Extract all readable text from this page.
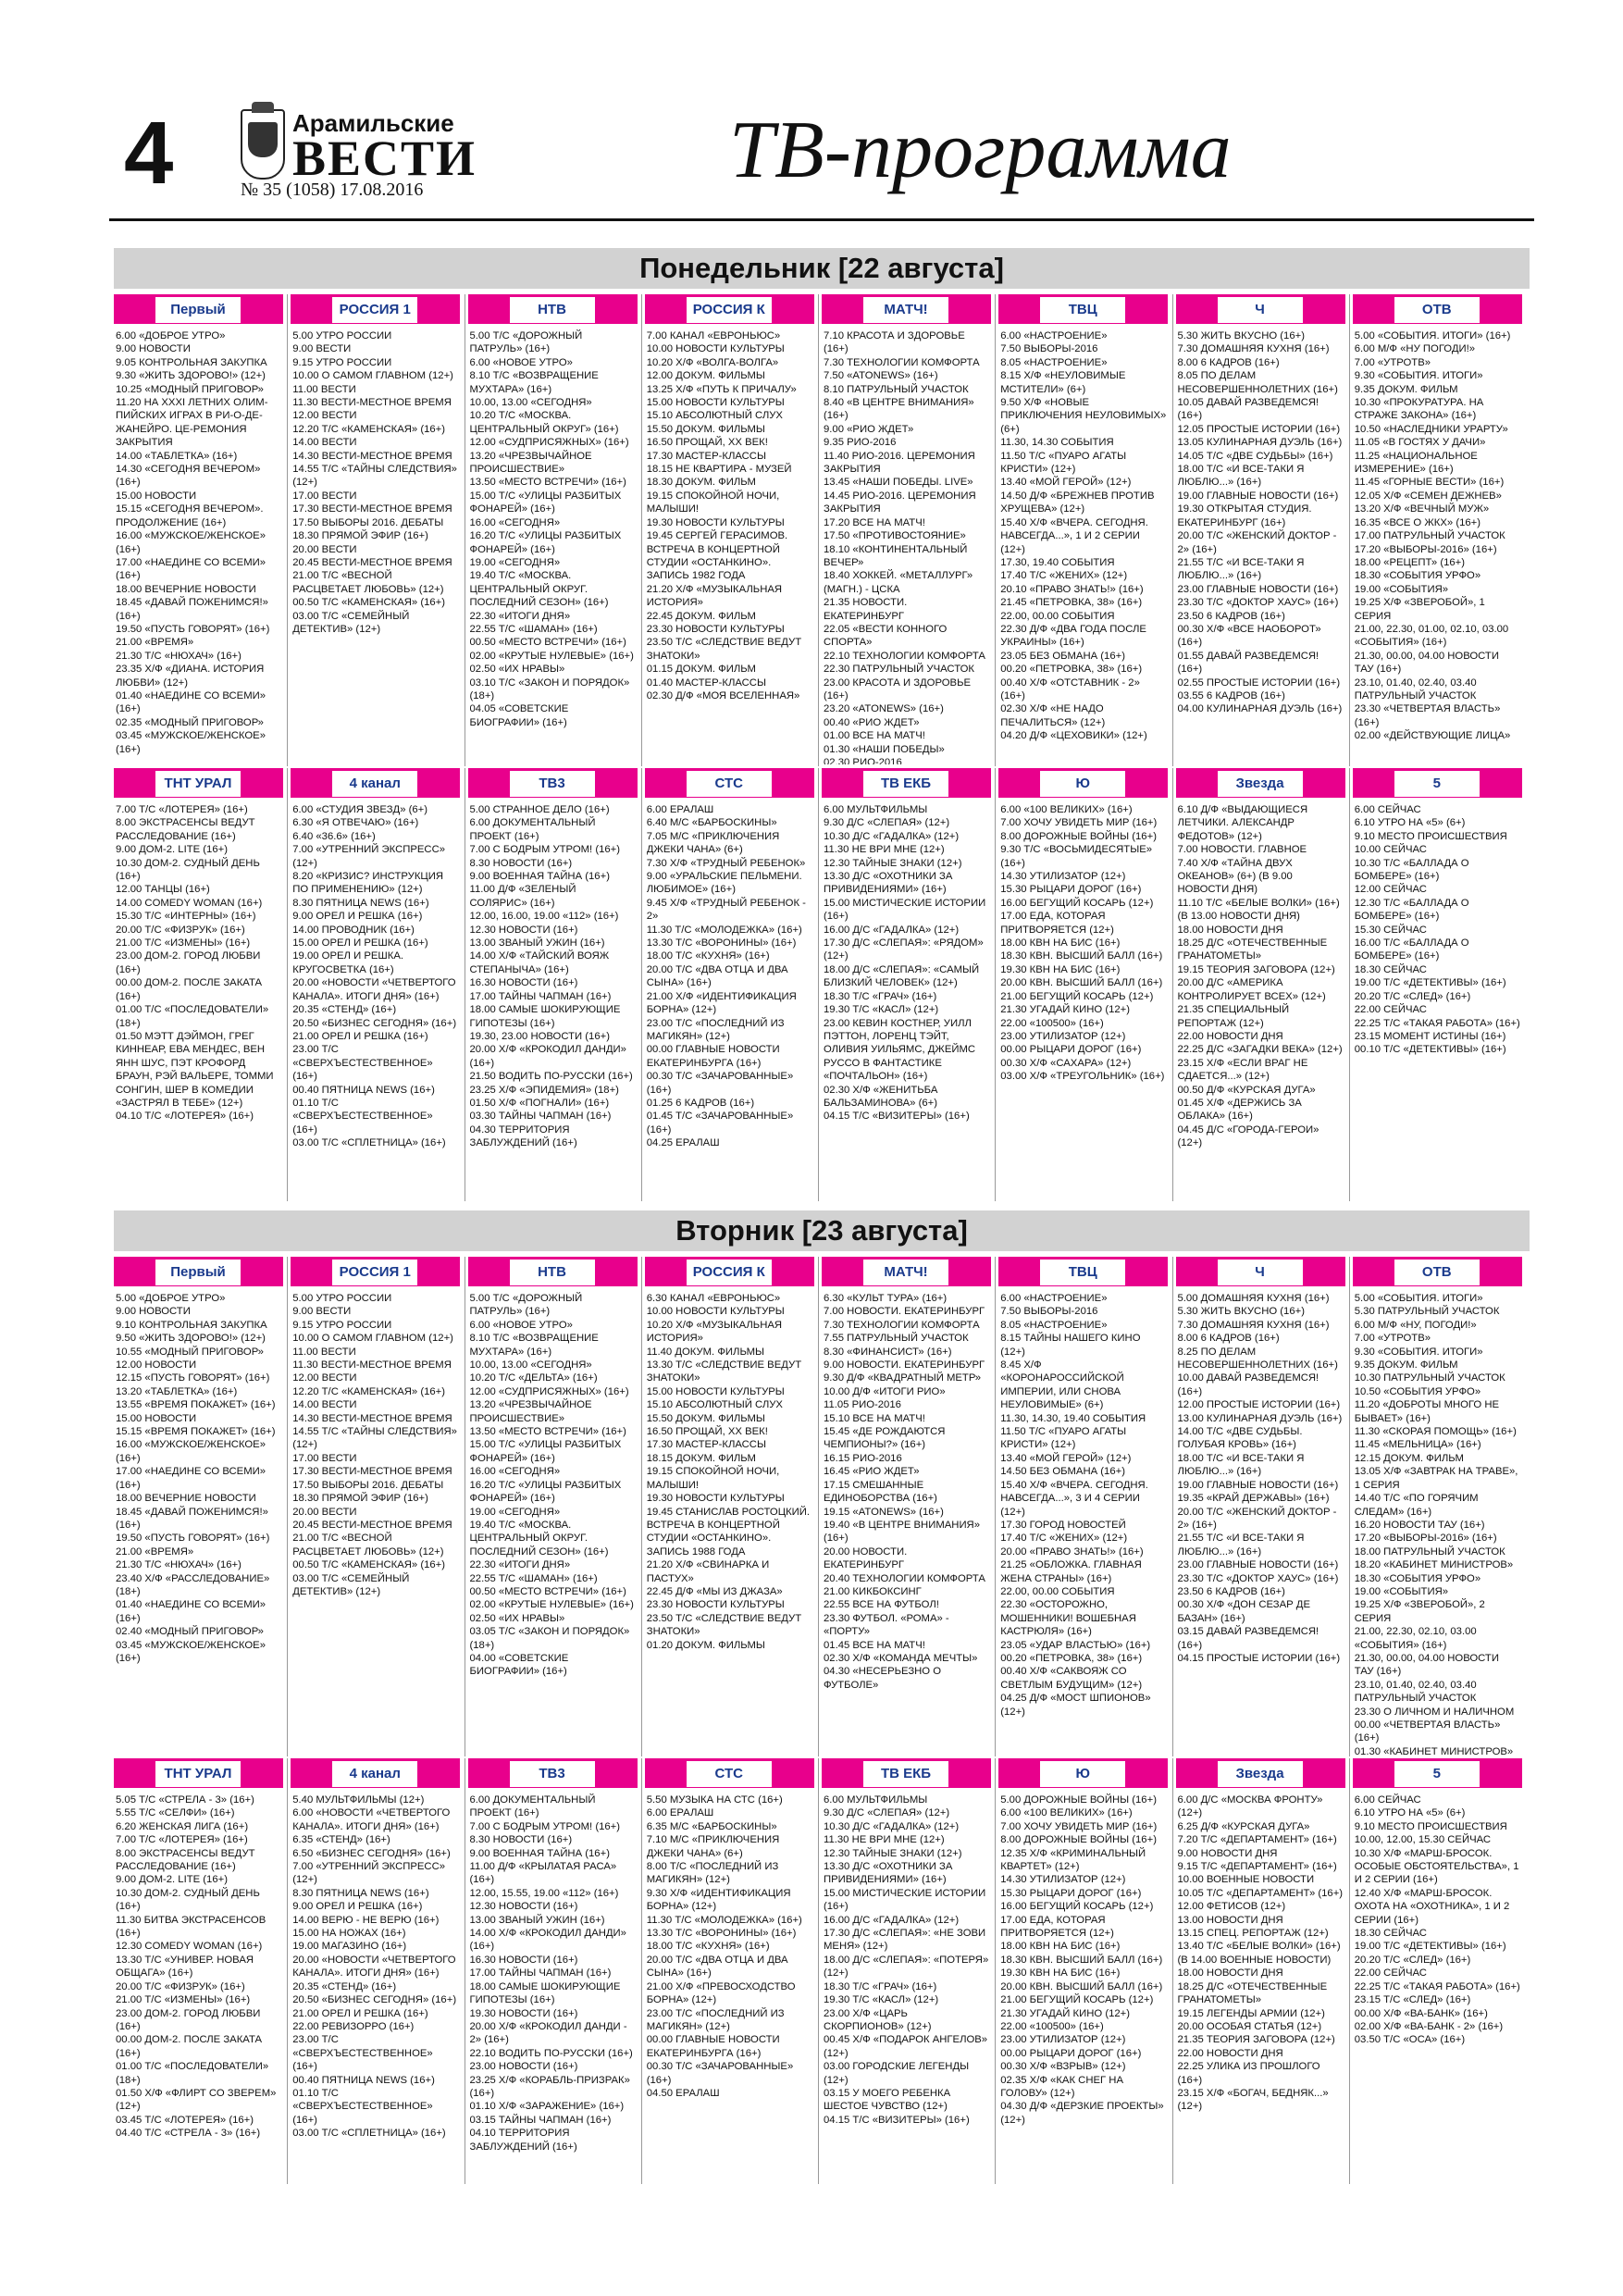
4	Арамильские
ВЕСТИ
№ 35 (1058) 17.08.2016	ТВ-программа
Понедельник [22 августа]
Первый
6.00 «ДОБРОЕ УТРО»
9.00 НОВОСТИ
9.05 КОНТРОЛЬНАЯ ЗАКУПКА
9.30 «ЖИТЬ ЗДОРОВО!» (12+)
10.25 «МОДНЫЙ ПРИГОВОР»
11.20 НА XXXI ЛЕТНИХ ОЛИМ-ПИЙСКИХ ИГРАХ В РИ-О-ДЕ-ЖАНЕЙРО. ЦЕ-РЕМОНИЯ ЗАКРЫТИЯ
14.00 «ТАБЛЕТКА» (16+)
14.30 «СЕГОДНЯ ВЕЧЕРОМ» (16+)
15.00 НОВОСТИ
15.15 «СЕГОДНЯ ВЕЧЕРОМ». ПРОДОЛЖЕНИЕ (16+)
16.00 «МУЖСКОЕ/ЖЕНСКОЕ» (16+)
17.00 «НАЕДИНЕ СО ВСЕМИ» (16+)
18.00 ВЕЧЕРНИЕ НОВОСТИ
18.45 «ДАВАЙ ПОЖЕНИМСЯ!» (16+)
19.50 «ПУСТЬ ГОВОРЯТ» (16+)
21.00 «ВРЕМЯ»
21.30 Т/С «НЮХАЧ» (16+)
23.35 Х/Ф «ДИАНА. ИСТОРИЯ ЛЮБВИ» (12+)
01.40 «НАЕДИНЕ СО ВСЕМИ» (16+)
02.35 «МОДНЫЙ ПРИГОВОР»
03.45 «МУЖСКОЕ/ЖЕНСКОЕ» (16+)
РОССИЯ 1
5.00 УТРО РОССИИ
9.00 ВЕСТИ
9.15 УТРО РОССИИ
10.00 О САМОМ ГЛАВНОМ (12+)
11.00 ВЕСТИ
11.30 ВЕСТИ-МЕСТНОЕ ВРЕМЯ
12.00 ВЕСТИ
12.20 Т/С «КАМЕНСКАЯ» (16+)
14.00 ВЕСТИ
14.30 ВЕСТИ-МЕСТНОЕ ВРЕМЯ
14.55 Т/С «ТАЙНЫ СЛЕДСТВИЯ» (12+)
17.00 ВЕСТИ
17.30 ВЕСТИ-МЕСТНОЕ ВРЕМЯ
17.50 ВЫБОРЫ 2016. ДЕБАТЫ
18.30 ПРЯМОЙ ЭФИР (16+)
20.00 ВЕСТИ
20.45 ВЕСТИ-МЕСТНОЕ ВРЕМЯ
21.00 Т/С «ВЕСНОЙ РАСЦВЕТАЕТ ЛЮБОВЬ» (12+)
00.50 Т/С «КАМЕНСКАЯ» (16+)
03.00 Т/С «СЕМЕЙНЫЙ ДЕТЕКТИВ» (12+)
НТВ
5.00 Т/С «ДОРОЖНЫЙ ПАТРУЛЬ» (16+)
6.00 «НОВОЕ УТРО»
8.10 Т/С «ВОЗВРАЩЕНИЕ МУХТАРА» (16+)
10.00, 13.00 «СЕГОДНЯ»
10.20 Т/С «МОСКВА. ЦЕНТРАЛЬНЫЙ ОКРУГ» (16+)
12.00 «СУДПРИСЯЖНЫХ» (16+)
13.20 «ЧРЕЗВЫЧАЙНОЕ ПРОИСШЕСТВИЕ»
13.50 «МЕСТО ВСТРЕЧИ» (16+)
15.00 Т/С «УЛИЦЫ РАЗБИТЫХ ФОНАРЕЙ» (16+)
16.00 «СЕГОДНЯ»
16.20 Т/С «УЛИЦЫ РАЗБИТЫХ ФОНАРЕЙ» (16+)
19.00 «СЕГОДНЯ»
19.40 Т/С «МОСКВА. ЦЕНТРАЛЬНЫЙ ОКРУГ. ПОСЛЕДНИЙ СЕЗОН» (16+)
22.30 «ИТОГИ ДНЯ»
22.55 Т/С «ШАМАН» (16+)
00.50 «МЕСТО ВСТРЕЧИ» (16+)
02.00 «КРУТЫЕ НУЛЕВЫЕ» (16+)
02.50 «ИХ НРАВЫ»
03.10 Т/С «ЗАКОН И ПОРЯДОК» (18+)
04.05 «СОВЕТСКИЕ БИОГРАФИИ» (16+)
РОССИЯ К
7.00 КАНАЛ «ЕВРОНЬЮС»
10.00 НОВОСТИ КУЛЬТУРЫ
10.20 Х/Ф «ВОЛГА-ВОЛГА»
12.00 ДОКУМ. ФИЛЬМЫ
13.25 Х/Ф «ПУТЬ К ПРИЧАЛУ»
15.00 НОВОСТИ КУЛЬТУРЫ
15.10 АБСОЛЮТНЫЙ СЛУХ
15.50 ДОКУМ. ФИЛЬМЫ
16.50 ПРОЩАЙ, XX ВЕК!
17.30 МАСТЕР-КЛАССЫ
18.15 НЕ КВАРТИРА - МУЗЕЙ
18.30 ДОКУМ. ФИЛЬМ
19.15 СПОКОЙНОЙ НОЧИ, МАЛЫШИ!
19.30 НОВОСТИ КУЛЬТУРЫ
19.45 СЕРГЕЙ ГЕРАСИМОВ. ВСТРЕЧА В КОНЦЕРТНОЙ СТУДИИ «ОСТАНКИНО». ЗАПИСЬ 1982 ГОДА
21.20 Х/Ф «МУЗЫКАЛЬНАЯ ИСТОРИЯ»
22.45 ДОКУМ. ФИЛЬМ
23.30 НОВОСТИ КУЛЬТУРЫ
23.50 Т/С «СЛЕДСТВИЕ ВЕДУТ ЗНАТОКИ»
01.15 ДОКУМ. ФИЛЬМ
01.40 МАСТЕР-КЛАССЫ
02.30 Д/Ф «МОЯ ВСЕЛЕННАЯ»
МАТЧ!
7.10 КРАСОТА И ЗДОРОВЬЕ (16+)
7.30 ТЕХНОЛОГИИ КОМФОРТА
7.50 «ATONEWS» (16+)
8.10 ПАТРУЛЬНЫЙ УЧАСТОК
8.40 «В ЦЕНТРЕ ВНИМАНИЯ» (16+)
9.00 «РИО ЖДЕТ»
9.35 РИО-2016
11.40 РИО-2016. ЦЕРЕМОНИЯ ЗАКРЫТИЯ
13.45 «НАШИ ПОБЕДЫ. LIVE»
14.45 РИО-2016. ЦЕРЕМОНИЯ ЗАКРЫТИЯ
17.20 ВСЕ НА МАТЧ!
17.50 «ПРОТИВОСТОЯНИЕ»
18.10 «КОНТИНЕНТАЛЬНЫЙ ВЕЧЕР»
18.40 ХОККЕЙ. «МЕТАЛЛУРГ» (МАГН.) - ЦСКА
21.35 НОВОСТИ. ЕКАТЕРИНБУРГ
22.05 «ВЕСТИ КОННОГО СПОРТА»
22.10 ТЕХНОЛОГИИ КОМФОРТА
22.30 ПАТРУЛЬНЫЙ УЧАСТОК
23.00 КРАСОТА И ЗДОРОВЬЕ (16+)
23.20 «ATONEWS» (16+)
00.40 «РИО ЖДЕТ»
01.00 ВСЕ НА МАТЧ!
01.30 «НАШИ ПОБЕДЫ»
02.30 РИО-2016
ТВЦ
6.00 «НАСТРОЕНИЕ»
7.50 ВЫБОРЫ-2016
8.05 «НАСТРОЕНИЕ»
8.15 Х/Ф «НЕУЛОВИМЫЕ МСТИТЕЛИ» (6+)
9.50 Х/Ф «НОВЫЕ ПРИКЛЮЧЕНИЯ НЕУЛОВИМЫХ» (6+)
11.30, 14.30 СОБЫТИЯ
11.50 Т/С «ПУАРО АГАТЫ КРИСТИ» (12+)
13.40 «МОЙ ГЕРОЙ» (12+)
14.50 Д/Ф «БРЕЖНЕВ ПРОТИВ ХРУЩЕВА» (12+)
15.40 Х/Ф «ВЧЕРА. СЕГОДНЯ. НАВСЕГДА...», 1 И 2 СЕРИИ (12+)
17.30, 19.40 СОБЫТИЯ
17.40 Т/С «ЖЕНИХ» (12+)
20.10 «ПРАВО ЗНАТЬ!» (16+)
21.45 «ПЕТРОВКА, 38» (16+)
22.00, 00.00 СОБЫТИЯ
22.30 Д/Ф «ДВА ГОДА ПОСЛЕ УКРАИНЫ» (16+)
23.05 БЕЗ ОБМАНА (16+)
00.20 «ПЕТРОВКА, 38» (16+)
00.40 Х/Ф «ОТСТАВНИК - 2» (16+)
02.30 Х/Ф «НЕ НАДО ПЕЧАЛИТЬСЯ» (12+)
04.20 Д/Ф «ЦЕХОВИКИ» (12+)
Ч
5.30 ЖИТЬ ВКУСНО (16+)
7.30 ДОМАШНЯЯ КУХНЯ (16+)
8.00 6 КАДРОВ (16+)
8.05 ПО ДЕЛАМ НЕСОВЕРШЕННОЛЕТНИХ (16+)
10.05 ДАВАЙ РАЗВЕДЕМСЯ! (16+)
12.05 ПРОСТЫЕ ИСТОРИИ (16+)
13.05 КУЛИНАРНАЯ ДУЭЛЬ (16+)
14.05 Т/С «ДВЕ СУДЬБЫ» (16+)
18.00 Т/С «И ВСЕ-ТАКИ Я ЛЮБЛЮ...» (16+)
19.00 ГЛАВНЫЕ НОВОСТИ (16+)
19.30 ОТКРЫТАЯ СТУДИЯ. ЕКАТЕРИНБУРГ (16+)
20.00 Т/С «ЖЕНСКИЙ ДОКТОР - 2» (16+)
21.55 Т/С «И ВСЕ-ТАКИ Я ЛЮБЛЮ...» (16+)
23.00 ГЛАВНЫЕ НОВОСТИ (16+)
23.30 Т/С «ДОКТОР ХАУС» (16+)
23.50 6 КАДРОВ (16+)
00.30 Х/Ф «ВСЕ НАОБОРОТ» (16+)
01.55 ДАВАЙ РАЗВЕДЕМСЯ! (16+)
02.55 ПРОСТЫЕ ИСТОРИИ (16+)
03.55 6 КАДРОВ (16+)
04.00 КУЛИНАРНАЯ ДУЭЛЬ (16+)
ОТВ
5.00 «СОБЫТИЯ. ИТОГИ» (16+)
6.00 М/Ф «НУ ПОГОДИ!»
7.00 «УТРОТВ»
9.30 «СОБЫТИЯ. ИТОГИ»
9.35 ДОКУМ. ФИЛЬМ
10.30 «ПРОКУРАТУРА. НА СТРАЖЕ ЗАКОНА» (16+)
10.50 «НАСЛЕДНИКИ УРАРТУ»
11.05 «В ГОСТЯХ У ДАЧИ»
11.25 «НАЦИОНАЛЬНОЕ ИЗМЕРЕНИЕ» (16+)
11.45 «ГОРНЫЕ ВЕСТИ» (16+)
12.05 Х/Ф «СЕМЕН ДЕЖНЕВ»
13.20 Х/Ф «ВЕЧНЫЙ МУЖ»
16.35 «ВСЕ О ЖКХ» (16+)
17.00 ПАТРУЛЬНЫЙ УЧАСТОК
17.20 «ВЫБОРЫ-2016» (16+)
18.00 «РЕЦЕПТ» (16+)
18.30 «СОБЫТИЯ УРФО»
19.00 «СОБЫТИЯ»
19.25 Х/Ф «ЗВЕРОБОЙ», 1 СЕРИЯ
21.00, 22.30, 01.00, 02.10, 03.00 «СОБЫТИЯ» (16+)
21.30, 00.00, 04.00 НОВОСТИ ТАУ (16+)
23.10, 01.40, 02.40, 03.40 ПАТРУЛЬНЫЙ УЧАСТОК
23.30 «ЧЕТВЕРТАЯ ВЛАСТЬ» (16+)
02.00 «ДЕЙСТВУЮЩИЕ ЛИЦА»
ТНТ УРАЛ
7.00 Т/С «ЛОТЕРЕЯ» (16+)
8.00 ЭКСТРАСЕНСЫ ВЕДУТ РАССЛЕДОВАНИЕ (16+)
9.00 ДОМ-2. LITE (16+)
10.30 ДОМ-2. СУДНЫЙ ДЕНЬ (16+)
12.00 ТАНЦЫ (16+)
14.00 COMEDY WOMAN (16+)
15.30 Т/С «ИНТЕРНЫ» (16+)
20.00 Т/С «ФИЗРУК» (16+)
21.00 Т/С «ИЗМЕНЫ» (16+)
23.00 ДОМ-2. ГОРОД ЛЮБВИ (16+)
00.00 ДОМ-2. ПОСЛЕ ЗАКАТА (16+)
01.00 Т/С «ПОСЛЕДОВАТЕЛИ» (18+)
01.50 МЭТТ ДЭЙМОН, ГРЕГ КИННЕАР, ЕВА МЕНДЕС, ВЕН ЯНН ШУС, ПЭТ КРОФОРД БРАУН, РЭЙ ВАЛЬЕРЕ, ТОММИ СОНГИН, ШЕР В КОМЕДИИ «ЗАСТРЯЛ В ТЕБЕ» (12+)
04.10 Т/С «ЛОТЕРЕЯ» (16+)
4 канал
6.00 «СТУДИЯ ЗВЕЗД» (6+)
6.30 «Я ОТВЕЧАЮ» (16+)
6.40 «36.6» (16+)
7.00 «УТРЕННИЙ ЭКСПРЕСС» (12+)
8.20 «КРИЗИС? ИНСТРУКЦИЯ ПО ПРИМЕНЕНИЮ» (12+)
8.30 ПЯТНИЦА NEWS (16+)
9.00 ОРЕЛ И РЕШКА (16+)
14.00 ПРОВОДНИК (16+)
15.00 ОРЕЛ И РЕШКА (16+)
19.00 ОРЕЛ И РЕШКА. КРУГОСВЕТКА (16+)
20.00 «НОВОСТИ «ЧЕТВЕРТОГО КАНАЛА». ИТОГИ ДНЯ» (16+)
20.35 «СТЕНД» (16+)
20.50 «БИЗНЕС СЕГОДНЯ» (16+)
21.00 ОРЕЛ И РЕШКА (16+)
23.00 Т/С «СВЕРХЪЕСТЕСТВЕННОЕ» (16+)
00.40 ПЯТНИЦА NEWS (16+)
01.10 Т/С «СВЕРХЪЕСТЕСТВЕННОЕ» (16+)
03.00 Т/С «СПЛЕТНИЦА» (16+)
ТВ3
5.00 СТРАННОЕ ДЕЛО (16+)
6.00 ДОКУМЕНТАЛЬНЫЙ ПРОЕКТ (16+)
7.00 С БОДРЫМ УТРОМ! (16+)
8.30 НОВОСТИ (16+)
9.00 ВОЕННАЯ ТАЙНА (16+)
11.00 Д/Ф «ЗЕЛЕНЫЙ СОЛЯРИС» (16+)
12.00, 16.00, 19.00 «112» (16+)
12.30 НОВОСТИ (16+)
13.00 ЗВАНЫЙ УЖИН (16+)
14.00 Х/Ф «ТАЙСКИЙ ВОЯЖ СТЕПАНЫЧА» (16+)
16.30 НОВОСТИ (16+)
17.00 ТАЙНЫ ЧАПМАН (16+)
18.00 САМЫЕ ШОКИРУЮЩИЕ ГИПОТЕЗЫ (16+)
19.30, 23.00 НОВОСТИ (16+)
20.00 Х/Ф «КРОКОДИЛ ДАНДИ» (16+)
21.50 ВОДИТЬ ПО-РУССКИ (16+)
23.25 Х/Ф «ЭПИДЕМИЯ» (18+)
01.50 Х/Ф «ПОГНАЛИ» (16+)
03.30 ТАЙНЫ ЧАПМАН (16+)
04.30 ТЕРРИТОРИЯ ЗАБЛУЖДЕНИЙ (16+)
СТС
6.00 ЕРАЛАШ
6.40 М/С «БАРБОСКИНЫ»
7.05 М/С «ПРИКЛЮЧЕНИЯ ДЖЕКИ ЧАНА» (6+)
7.30 Х/Ф «ТРУДНЫЙ РЕБЕНОК»
9.00 «УРАЛЬСКИЕ ПЕЛЬМЕНИ. ЛЮБИМОЕ» (16+)
9.45 Х/Ф «ТРУДНЫЙ РЕБЕНОК - 2»
11.30 Т/С «МОЛОДЕЖКА» (16+)
13.30 Т/С «ВОРОНИНЫ» (16+)
18.00 Т/С «КУХНЯ» (16+)
20.00 Т/С «ДВА ОТЦА И ДВА СЫНА» (16+)
21.00 Х/Ф «ИДЕНТИФИКАЦИЯ БОРНА» (12+)
23.00 Т/С «ПОСЛЕДНИЙ ИЗ МАГИКЯН» (12+)
00.00 ГЛАВНЫЕ НОВОСТИ ЕКАТЕРИНБУРГА (16+)
00.30 Т/С «ЗАЧАРОВАННЫЕ» (16+)
01.25 6 КАДРОВ (16+)
01.45 Т/С «ЗАЧАРОВАННЫЕ» (16+)
04.25 ЕРАЛАШ
ТВ ЕКБ
6.00 МУЛЬТФИЛЬМЫ
9.30 Д/С «СЛЕПАЯ» (12+)
10.30 Д/С «ГАДАЛКА» (12+)
11.30 НЕ ВРИ МНЕ (12+)
12.30 ТАЙНЫЕ ЗНАКИ (12+)
13.30 Д/С «ОХОТНИКИ ЗА ПРИВИДЕНИЯМИ» (16+)
15.00 МИСТИЧЕСКИЕ ИСТОРИИ (16+)
16.00 Д/С «ГАДАЛКА» (12+)
17.30 Д/С «СЛЕПАЯ»: «РЯДОМ» (12+)
18.00 Д/С «СЛЕПАЯ»: «САМЫЙ БЛИЗКИЙ ЧЕЛОВЕК» (12+)
18.30 Т/С «ГРАЧ» (16+)
19.30 Т/С «КАСЛ» (12+)
23.00 КЕВИН КОСТНЕР, УИЛЛ ПЭТТОН, ЛОРЕНЦ ТЭЙТ, ОЛИВИЯ УИЛЬЯМС, ДЖЕЙМС РУССО В ФАНТАСТИКЕ «ПОЧТАЛЬОН» (16+)
02.30 Х/Ф «ЖЕНИТЬБА БАЛЬЗАМИНОВА» (6+)
04.15 Т/С «ВИЗИТЕРЫ» (16+)
Ю
6.00 «100 ВЕЛИКИХ» (16+)
7.00 ХОЧУ УВИДЕТЬ МИР (16+)
8.00 ДОРОЖНЫЕ ВОЙНЫ (16+)
9.30 Т/С «ВОСЬМИДЕСЯТЫЕ» (16+)
14.30 УТИЛИЗАТОР (12+)
15.30 РЫЦАРИ ДОРОГ (16+)
16.00 БЕГУЩИЙ КОСАРЬ (12+)
17.00 ЕДА, КОТОРАЯ ПРИТВОРЯЕТСЯ (12+)
18.00 КВН НА БИС (16+)
18.30 КВН. ВЫСШИЙ БАЛЛ (16+)
19.30 КВН НА БИС (16+)
20.00 КВН. ВЫСШИЙ БАЛЛ (16+)
21.00 БЕГУЩИЙ КОСАРЬ (12+)
21.30 УГАДАЙ КИНО (12+)
22.00 «100500» (16+)
23.00 УТИЛИЗАТОР (12+)
00.00 РЫЦАРИ ДОРОГ (16+)
00.30 Х/Ф «САХАРА» (12+)
03.00 Х/Ф «ТРЕУГОЛЬНИК» (16+)
Звезда
6.10 Д/Ф «ВЫДАЮЩИЕСЯ ЛЕТЧИКИ. АЛЕКСАНДР ФЕДОТОВ» (12+)
7.00 НОВОСТИ. ГЛАВНОЕ
7.40 Х/Ф «ТАЙНА ДВУХ ОКЕАНОВ» (6+) (В 9.00 НОВОСТИ ДНЯ)
11.10 Т/С «БЕЛЫЕ ВОЛКИ» (16+) (В 13.00 НОВОСТИ ДНЯ)
18.00 НОВОСТИ ДНЯ
18.25 Д/С «ОТЕЧЕСТВЕННЫЕ ГРАНАТОМЕТЫ»
19.15 ТЕОРИЯ ЗАГОВОРА (12+)
20.00 Д/С «АМЕРИКА КОНТРОЛИРУЕТ ВСЕХ» (12+)
21.35 СПЕЦИАЛЬНЫЙ РЕПОРТАЖ (12+)
22.00 НОВОСТИ ДНЯ
22.25 Д/С «ЗАГАДКИ ВЕКА» (12+)
23.15 Х/Ф «ЕСЛИ ВРАГ НЕ СДАЕТСЯ...» (12+)
00.50 Д/Ф «КУРСКАЯ ДУГА»
01.45 Х/Ф «ДЕРЖИСЬ ЗА ОБЛАКА» (16+)
04.45 Д/С «ГОРОДА-ГЕРОИ» (12+)
5
6.00 СЕЙЧАС
6.10 УТРО НА «5» (6+)
9.10 МЕСТО ПРОИСШЕСТВИЯ
10.00 СЕЙЧАС
10.30 Т/С «БАЛЛАДА О БОМБЕРЕ» (16+)
12.00 СЕЙЧАС
12.30 Т/С «БАЛЛАДА О БОМБЕРЕ» (16+)
15.30 СЕЙЧАС
16.00 Т/С «БАЛЛАДА О БОМБЕРЕ» (16+)
18.30 СЕЙЧАС
19.00 Т/С «ДЕТЕКТИВЫ» (16+)
20.20 Т/С «СЛЕД» (16+)
22.00 СЕЙЧАС
22.25 Т/С «ТАКАЯ РАБОТА» (16+)
23.15 МОМЕНТ ИСТИНЫ (16+)
00.10 Т/С «ДЕТЕКТИВЫ» (16+)
Вторник [23 августа]
Первый
5.00 «ДОБРОЕ УТРО»
9.00 НОВОСТИ
9.10 КОНТРОЛЬНАЯ ЗАКУПКА
9.50 «ЖИТЬ ЗДОРОВО!» (12+)
10.55 «МОДНЫЙ ПРИГОВОР»
12.00 НОВОСТИ
12.15 «ПУСТЬ ГОВОРЯТ» (16+)
13.20 «ТАБЛЕТКА» (16+)
13.55 «ВРЕМЯ ПОКАЖЕТ» (16+)
15.00 НОВОСТИ
15.15 «ВРЕМЯ ПОКАЖЕТ» (16+)
16.00 «МУЖСКОЕ/ЖЕНСКОЕ» (16+)
17.00 «НАЕДИНЕ СО ВСЕМИ» (16+)
18.00 ВЕЧЕРНИЕ НОВОСТИ
18.45 «ДАВАЙ ПОЖЕНИМСЯ!» (16+)
19.50 «ПУСТЬ ГОВОРЯТ» (16+)
21.00 «ВРЕМЯ»
21.30 Т/С «НЮХАЧ» (16+)
23.40 Х/Ф «РАССЛЕДОВАНИЕ» (18+)
01.40 «НАЕДИНЕ СО ВСЕМИ» (16+)
02.40 «МОДНЫЙ ПРИГОВОР»
03.45 «МУЖСКОЕ/ЖЕНСКОЕ» (16+)
РОССИЯ 1
5.00 УТРО РОССИИ
9.00 ВЕСТИ
9.15 УТРО РОССИИ
10.00 О САМОМ ГЛАВНОМ (12+)
11.00 ВЕСТИ
11.30 ВЕСТИ-МЕСТНОЕ ВРЕМЯ
12.00 ВЕСТИ
12.20 Т/С «КАМЕНСКАЯ» (16+)
14.00 ВЕСТИ
14.30 ВЕСТИ-МЕСТНОЕ ВРЕМЯ
14.55 Т/С «ТАЙНЫ СЛЕДСТВИЯ» (12+)
17.00 ВЕСТИ
17.30 ВЕСТИ-МЕСТНОЕ ВРЕМЯ
17.50 ВЫБОРЫ 2016. ДЕБАТЫ
18.30 ПРЯМОЙ ЭФИР (16+)
20.00 ВЕСТИ
20.45 ВЕСТИ-МЕСТНОЕ ВРЕМЯ
21.00 Т/С «ВЕСНОЙ РАСЦВЕТАЕТ ЛЮБОВЬ» (12+)
00.50 Т/С «КАМЕНСКАЯ» (16+)
03.00 Т/С «СЕМЕЙНЫЙ ДЕТЕКТИВ» (12+)
НТВ
5.00 Т/С «ДОРОЖНЫЙ ПАТРУЛЬ» (16+)
6.00 «НОВОЕ УТРО»
8.10 Т/С «ВОЗВРАЩЕНИЕ МУХТАРА» (16+)
10.00, 13.00 «СЕГОДНЯ»
10.20 Т/С «ДЕЛЬТА» (16+)
12.00 «СУДПРИСЯЖНЫХ» (16+)
13.20 «ЧРЕЗВЫЧАЙНОЕ ПРОИСШЕСТВИЕ»
13.50 «МЕСТО ВСТРЕЧИ» (16+)
15.00 Т/С «УЛИЦЫ РАЗБИТЫХ ФОНАРЕЙ» (16+)
16.00 «СЕГОДНЯ»
16.20 Т/С «УЛИЦЫ РАЗБИТЫХ ФОНАРЕЙ» (16+)
19.00 «СЕГОДНЯ»
19.40 Т/С «МОСКВА. ЦЕНТРАЛЬНЫЙ ОКРУГ. ПОСЛЕДНИЙ СЕЗОН» (16+)
22.30 «ИТОГИ ДНЯ»
22.55 Т/С «ШАМАН» (16+)
00.50 «МЕСТО ВСТРЕЧИ» (16+)
02.00 «КРУТЫЕ НУЛЕВЫЕ» (16+)
02.50 «ИХ НРАВЫ»
03.05 Т/С «ЗАКОН И ПОРЯДОК» (18+)
04.00 «СОВЕТСКИЕ БИОГРАФИИ» (16+)
РОССИЯ К
6.30 КАНАЛ «ЕВРОНЬЮС»
10.00 НОВОСТИ КУЛЬТУРЫ
10.20 Х/Ф «МУЗЫКАЛЬНАЯ ИСТОРИЯ»
11.40 ДОКУМ. ФИЛЬМЫ
13.30 Т/С «СЛЕДСТВИЕ ВЕДУТ ЗНАТОКИ»
15.00 НОВОСТИ КУЛЬТУРЫ
15.10 АБСОЛЮТНЫЙ СЛУХ
15.50 ДОКУМ. ФИЛЬМЫ
16.50 ПРОЩАЙ, XX ВЕК!
17.30 МАСТЕР-КЛАССЫ
18.15 ДОКУМ. ФИЛЬМ
19.15 СПОКОЙНОЙ НОЧИ, МАЛЫШИ!
19.30 НОВОСТИ КУЛЬТУРЫ
19.45 СТАНИСЛАВ РОСТОЦКИЙ. ВСТРЕЧА В КОНЦЕРТНОЙ СТУДИИ «ОСТАНКИНО». ЗАПИСЬ 1988 ГОДА
21.20 Х/Ф «СВИНАРКА И ПАСТУХ»
22.45 Д/Ф «МЫ ИЗ ДЖАЗА»
23.30 НОВОСТИ КУЛЬТУРЫ
23.50 Т/С «СЛЕДСТВИЕ ВЕДУТ ЗНАТОКИ»
01.20 ДОКУМ. ФИЛЬМЫ
МАТЧ!
6.30 «КУЛЬТ ТУРА» (16+)
7.00 НОВОСТИ. ЕКАТЕРИНБУРГ
7.30 ТЕХНОЛОГИИ КОМФОРТА
7.55 ПАТРУЛЬНЫЙ УЧАСТОК
8.30 «ФИНАНСИСТ» (16+)
9.00 НОВОСТИ. ЕКАТЕРИНБУРГ
9.30 Д/Ф «КВАДРАТНЫЙ МЕТР»
10.00 Д/Ф «ИТОГИ РИО»
11.05 РИО-2016
15.10 ВСЕ НА МАТЧ!
15.45 «ДЕ РОЖДАЮТСЯ ЧЕМПИОНЫ?» (16+)
16.15 РИО-2016
16.45 «РИО ЖДЕТ»
17.15 СМЕШАННЫЕ ЕДИНОБОРСТВА (16+)
19.15 «ATONEWS» (16+)
19.40 «В ЦЕНТРЕ ВНИМАНИЯ» (16+)
20.00 НОВОСТИ. ЕКАТЕРИНБУРГ
20.40 ТЕХНОЛОГИИ КОМФОРТА
21.00 КИКБОКСИНГ
22.55 ВСЕ НА ФУТБОЛ!
23.30 ФУТБОЛ. «РОМА» - «ПОРТУ»
01.45 ВСЕ НА МАТЧ!
02.30 Х/Ф «КОМАНДА МЕЧТЫ»
04.30 «НЕСЕРЬЕЗНО О ФУТБОЛЕ»
ТВЦ
6.00 «НАСТРОЕНИЕ»
7.50 ВЫБОРЫ-2016
8.05 «НАСТРОЕНИЕ»
8.15 ТАЙНЫ НАШЕГО КИНО (12+)
8.45 Х/Ф «КОРОНАРОССИЙСКОЙ ИМПЕРИИ, ИЛИ СНОВА НЕУЛОВИМЫЕ» (6+)
11.30, 14.30, 19.40 СОБЫТИЯ
11.50 Т/С «ПУАРО АГАТЫ КРИСТИ» (12+)
13.40 «МОЙ ГЕРОЙ» (12+)
14.50 БЕЗ ОБМАНА (16+)
15.40 Х/Ф «ВЧЕРА. СЕГОДНЯ. НАВСЕГДА...», 3 И 4 СЕРИИ (12+)
17.30 ГОРОД НОВОСТЕЙ
17.40 Т/С «ЖЕНИХ» (12+)
20.00 «ПРАВО ЗНАТЬ!» (16+)
21.25 «ОБЛОЖКА. ГЛАВНАЯ ЖЕНА СТРАНЫ» (16+)
22.00, 00.00 СОБЫТИЯ
22.30 «ОСТОРОЖНО, МОШЕННИКИ! ВОШЕБНАЯ КАСТРЮЛЯ» (16+)
23.05 «УДАР ВЛАСТЬЮ» (16+)
00.20 «ПЕТРОВКА, 38» (16+)
00.40 Х/Ф «САКВОЯЖ СО СВЕТЛЫМ БУДУЩИМ» (12+)
04.25 Д/Ф «МОСТ ШПИОНОВ» (12+)
Ч
5.00 ДОМАШНЯЯ КУХНЯ (16+)
5.30 ЖИТЬ ВКУСНО (16+)
7.30 ДОМАШНЯЯ КУХНЯ (16+)
8.00 6 КАДРОВ (16+)
8.25 ПО ДЕЛАМ НЕСОВЕРШЕННОЛЕТНИХ (16+)
10.00 ДАВАЙ РАЗВЕДЕМСЯ! (16+)
12.00 ПРОСТЫЕ ИСТОРИИ (16+)
13.00 КУЛИНАРНАЯ ДУЭЛЬ (16+)
14.00 Т/С «ДВЕ СУДЬБЫ. ГОЛУБАЯ КРОВЬ» (16+)
18.00 Т/С «И ВСЕ-ТАКИ Я ЛЮБЛЮ...» (16+)
19.00 ГЛАВНЫЕ НОВОСТИ (16+)
19.35 «КРАЙ ДЕРЖАВЫ» (16+)
20.00 Т/С «ЖЕНСКИЙ ДОКТОР - 2» (16+)
21.55 Т/С «И ВСЕ-ТАКИ Я ЛЮБЛЮ...» (16+)
23.00 ГЛАВНЫЕ НОВОСТИ (16+)
23.30 Т/С «ДОКТОР ХАУС» (16+)
23.50 6 КАДРОВ (16+)
00.30 Х/Ф «ДОН СЕЗАР ДЕ БАЗАН» (16+)
03.15 ДАВАЙ РАЗВЕДЕМСЯ! (16+)
04.15 ПРОСТЫЕ ИСТОРИИ (16+)
ОТВ
5.00 «СОБЫТИЯ. ИТОГИ»
5.30 ПАТРУЛЬНЫЙ УЧАСТОК
6.00 М/Ф «НУ, ПОГОДИ!»
7.00 «УТРОТВ»
9.30 «СОБЫТИЯ. ИТОГИ»
9.35 ДОКУМ. ФИЛЬМ
10.30 ПАТРУЛЬНЫЙ УЧАСТОК
10.50 «СОБЫТИЯ УРФО»
11.20 «ДОБРОТЫ МНОГО НЕ БЫВАЕТ» (16+)
11.30 «СКОРАЯ ПОМОЩЬ» (16+)
11.45 «МЕЛЬНИЦА» (16+)
12.15 ДОКУМ. ФИЛЬМ
13.05 Х/Ф «ЗАВТРАК НА ТРАВЕ», 1 СЕРИЯ
14.40 Т/С «ПО ГОРЯЧИМ СЛЕДАМ» (16+)
16.20 НОВОСТИ ТАУ (16+)
17.20 «ВЫБОРЫ-2016» (16+)
18.00 ПАТРУЛЬНЫЙ УЧАСТОК
18.20 «КАБИНЕТ МИНИСТРОВ»
18.30 «СОБЫТИЯ УРФО»
19.00 «СОБЫТИЯ»
19.25 Х/Ф «ЗВЕРОБОЙ», 2 СЕРИЯ
21.00, 22.30, 02.10, 03.00 «СОБЫТИЯ» (16+)
21.30, 00.00, 04.00 НОВОСТИ ТАУ (16+)
23.10, 01.40, 02.40, 03.40 ПАТРУЛЬНЫЙ УЧАСТОК
23.30 О ЛИЧНОМ И НАЛИЧНОМ
00.00 «ЧЕТВЕРТАЯ ВЛАСТЬ» (16+)
01.30 «КАБИНЕТ МИНИСТРОВ»
ТНТ УРАЛ
5.05 Т/С «СТРЕЛА - 3» (16+)
5.55 Т/С «СЕЛФИ» (16+)
6.20 ЖЕНСКАЯ ЛИГА (16+)
7.00 Т/С «ЛОТЕРЕЯ» (16+)
8.00 ЭКСТРАСЕНСЫ ВЕДУТ РАССЛЕДОВАНИЕ (16+)
9.00 ДОМ-2. LITE (16+)
10.30 ДОМ-2. СУДНЫЙ ДЕНЬ (16+)
11.30 БИТВА ЭКСТРАСЕНСОВ (16+)
12.30 COMEDY WOMAN (16+)
13.30 Т/С «УНИВЕР. НОВАЯ ОБЩАГА» (16+)
20.00 Т/С «ФИЗРУК» (16+)
21.00 Т/С «ИЗМЕНЫ» (16+)
23.00 ДОМ-2. ГОРОД ЛЮБВИ (16+)
00.00 ДОМ-2. ПОСЛЕ ЗАКАТА (16+)
01.00 Т/С «ПОСЛЕДОВАТЕЛИ» (18+)
01.50 Х/Ф «ФЛИРТ СО ЗВЕРЕМ» (12+)
03.45 Т/С «ЛОТЕРЕЯ» (16+)
04.40 Т/С «СТРЕЛА - 3» (16+)
4 канал
5.40 МУЛЬТФИЛЬМЫ (12+)
6.00 «НОВОСТИ «ЧЕТВЕРТОГО КАНАЛА». ИТОГИ ДНЯ» (16+)
6.35 «СТЕНД» (16+)
6.50 «БИЗНЕС СЕГОДНЯ» (16+)
7.00 «УТРЕННИЙ ЭКСПРЕСС» (12+)
8.30 ПЯТНИЦА NEWS (16+)
9.00 ОРЕЛ И РЕШКА (16+)
14.00 ВЕРЮ - НЕ ВЕРЮ (16+)
15.00 НА НОЖАХ (16+)
19.00 МАГАЗИНО (16+)
20.00 «НОВОСТИ «ЧЕТВЕРТОГО КАНАЛА». ИТОГИ ДНЯ» (16+)
20.35 «СТЕНД» (16+)
20.50 «БИЗНЕС СЕГОДНЯ» (16+)
21.00 ОРЕЛ И РЕШКА (16+)
22.00 РЕВИЗОРРО (16+)
23.00 Т/С «СВЕРХЪЕСТЕСТВЕННОЕ» (16+)
00.40 ПЯТНИЦА NEWS (16+)
01.10 Т/С «СВЕРХЪЕСТЕСТВЕННОЕ» (16+)
03.00 Т/С «СПЛЕТНИЦА» (16+)
ТВ3
6.00 ДОКУМЕНТАЛЬНЫЙ ПРОЕКТ (16+)
7.00 С БОДРЫМ УТРОМ! (16+)
8.30 НОВОСТИ (16+)
9.00 ВОЕННАЯ ТАЙНА (16+)
11.00 Д/Ф «КРЫЛАТАЯ РАСА» (16+)
12.00, 15.55, 19.00 «112» (16+)
12.30 НОВОСТИ (16+)
13.00 ЗВАНЫЙ УЖИН (16+)
14.00 Х/Ф «КРОКОДИЛ ДАНДИ» (16+)
16.30 НОВОСТИ (16+)
17.00 ТАЙНЫ ЧАПМАН (16+)
18.00 САМЫЕ ШОКИРУЮЩИЕ ГИПОТЕЗЫ (16+)
19.30 НОВОСТИ (16+)
20.00 Х/Ф «КРОКОДИЛ ДАНДИ - 2» (16+)
22.10 ВОДИТЬ ПО-РУССКИ (16+)
23.00 НОВОСТИ (16+)
23.25 Х/Ф «КОРАБЛЬ-ПРИЗРАК» (16+)
01.10 Х/Ф «ЗАРАЖЕНИЕ» (16+)
03.15 ТАЙНЫ ЧАПМАН (16+)
04.10 ТЕРРИТОРИЯ ЗАБЛУЖДЕНИЙ (16+)
СТС
5.50 МУЗЫКА НА СТС (16+)
6.00 ЕРАЛАШ
6.35 М/С «БАРБОСКИНЫ»
7.10 М/С «ПРИКЛЮЧЕНИЯ ДЖЕКИ ЧАНА» (6+)
8.00 Т/С «ПОСЛЕДНИЙ ИЗ МАГИКЯН» (12+)
9.30 Х/Ф «ИДЕНТИФИКАЦИЯ БОРНА» (12+)
11.30 Т/С «МОЛОДЕЖКА» (16+)
13.30 Т/С «ВОРОНИНЫ» (16+)
18.00 Т/С «КУХНЯ» (16+)
20.00 Т/С «ДВА ОТЦА И ДВА СЫНА» (16+)
21.00 Х/Ф «ПРЕВОСХОДСТВО БОРНА» (12+)
23.00 Т/С «ПОСЛЕДНИЙ ИЗ МАГИКЯН» (12+)
00.00 ГЛАВНЫЕ НОВОСТИ ЕКАТЕРИНБУРГА (16+)
00.30 Т/С «ЗАЧАРОВАННЫЕ» (16+)
04.50 ЕРАЛАШ
ТВ ЕКБ
6.00 МУЛЬТФИЛЬМЫ
9.30 Д/С «СЛЕПАЯ» (12+)
10.30 Д/С «ГАДАЛКА» (12+)
11.30 НЕ ВРИ МНЕ (12+)
12.30 ТАЙНЫЕ ЗНАКИ (12+)
13.30 Д/С «ОХОТНИКИ ЗА ПРИВИДЕНИЯМИ» (16+)
15.00 МИСТИЧЕСКИЕ ИСТОРИИ (16+)
16.00 Д/С «ГАДАЛКА» (12+)
17.30 Д/С «СЛЕПАЯ»: «НЕ ЗОВИ МЕНЯ» (12+)
18.00 Д/С «СЛЕПАЯ»: «ПОТЕРЯ» (12+)
18.30 Т/С «ГРАЧ» (16+)
19.30 Т/С «КАСЛ» (12+)
23.00 Х/Ф «ЦАРЬ СКОРПИОНОВ» (12+)
00.45 Х/Ф «ПОДАРОК АНГЕЛОВ» (12+)
03.00 ГОРОДСКИЕ ЛЕГЕНДЫ (12+)
03.15 У МОЕГО РЕБЕНКА ШЕСТОЕ ЧУВСТВО (12+)
04.15 Т/С «ВИЗИТЕРЫ» (16+)
Ю
5.00 ДОРОЖНЫЕ ВОЙНЫ (16+)
6.00 «100 ВЕЛИКИХ» (16+)
7.00 ХОЧУ УВИДЕТЬ МИР (16+)
8.00 ДОРОЖНЫЕ ВОЙНЫ (16+)
12.35 Х/Ф «КРИМИНАЛЬНЫЙ КВАРТЕТ» (12+)
14.30 УТИЛИЗАТОР (12+)
15.30 РЫЦАРИ ДОРОГ (16+)
16.00 БЕГУЩИЙ КОСАРЬ (12+)
17.00 ЕДА, КОТОРАЯ ПРИТВОРЯЕТСЯ (12+)
18.00 КВН НА БИС (16+)
18.30 КВН. ВЫСШИЙ БАЛЛ (16+)
19.30 КВН НА БИС (16+)
20.00 КВН. ВЫСШИЙ БАЛЛ (16+)
21.00 БЕГУЩИЙ КОСАРЬ (12+)
21.30 УГАДАЙ КИНО (12+)
22.00 «100500» (16+)
23.00 УТИЛИЗАТОР (12+)
00.00 РЫЦАРИ ДОРОГ (16+)
00.30 Х/Ф «ВЗРЫВ» (12+)
02.35 Х/Ф «КАК СНЕГ НА ГОЛОВУ» (12+)
04.30 Д/Ф «ДЕРЗКИЕ ПРОЕКТЫ» (12+)
Звезда
6.00 Д/С «МОСКВА ФРОНТУ» (12+)
6.25 Д/Ф «КУРСКАЯ ДУГА»
7.20 Т/С «ДЕПАРТАМЕНТ» (16+)
9.00 НОВОСТИ ДНЯ
9.15 Т/С «ДЕПАРТАМЕНТ» (16+)
10.00 ВОЕННЫЕ НОВОСТИ
10.05 Т/С «ДЕПАРТАМЕНТ» (16+)
12.00 ФЕТИСОВ (12+)
13.00 НОВОСТИ ДНЯ
13.15 СПЕЦ. РЕПОРТАЖ (12+)
13.40 Т/С «БЕЛЫЕ ВОЛКИ» (16+) (В 14.00 ВОЕННЫЕ НОВОСТИ)
18.00 НОВОСТИ ДНЯ
18.25 Д/С «ОТЕЧЕСТВЕННЫЕ ГРАНАТОМЕТЫ»
19.15 ЛЕГЕНДЫ АРМИИ (12+)
20.00 ОСОБАЯ СТАТЬЯ (12+)
21.35 ТЕОРИЯ ЗАГОВОРА (12+)
22.00 НОВОСТИ ДНЯ
22.25 УЛИКА ИЗ ПРОШЛОГО (16+)
23.15 Х/Ф «БОГАЧ, БЕДНЯК...» (12+)
5
6.00 СЕЙЧАС
6.10 УТРО НА «5» (6+)
9.10 МЕСТО ПРОИСШЕСТВИЯ
10.00, 12.00, 15.30 СЕЙЧАС
10.30 Х/Ф «МАРШ-БРОСОК. ОСОБЫЕ ОБСТОЯТЕЛЬСТВА», 1 И 2 СЕРИИ (16+)
12.40 Х/Ф «МАРШ-БРОСОК. ОХОТА НА «ОХОТНИКА», 1 И 2 СЕРИИ (16+)
18.30 СЕЙЧАС
19.00 Т/С «ДЕТЕКТИВЫ» (16+)
20.20 Т/С «СЛЕД» (16+)
22.00 СЕЙЧАС
22.25 Т/С «ТАКАЯ РАБОТА» (16+)
23.15 Т/С «СЛЕД» (16+)
00.00 Х/Ф «ВА-БАНК» (16+)
02.00 Х/Ф «ВА-БАНК - 2» (16+)
03.50 Т/С «ОСА» (16+)
